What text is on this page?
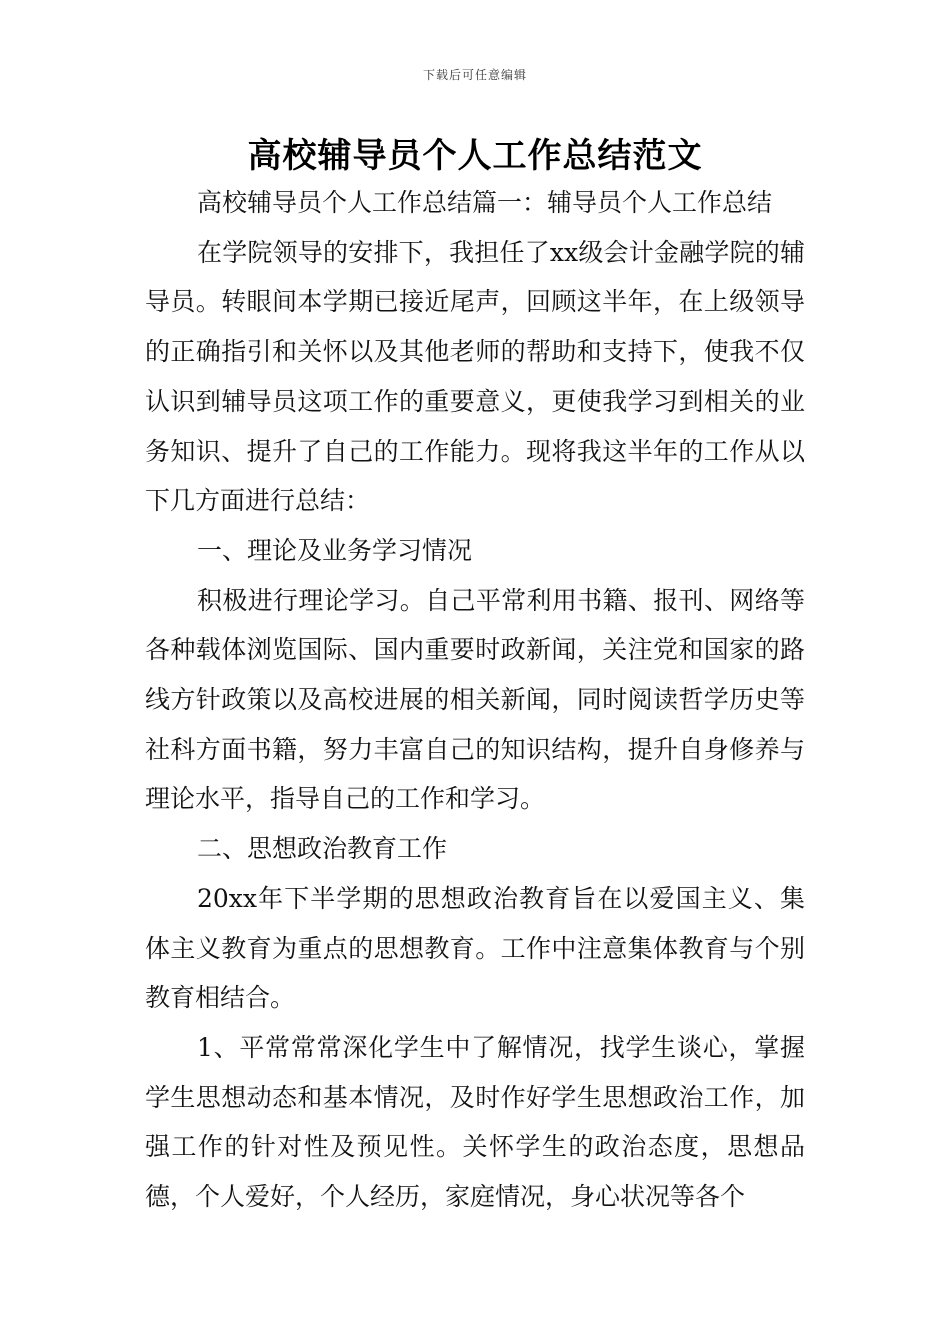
下载后可任意编辑
高校辅导员个人工作总结范文

高校辅导员个人工作总结篇一：辅导员个人工作总结

在学院领导的安排下，我担任了xx级会计金融学院的辅导员。转眼间本学期已接近尾声，回顾这半年，在上级领导的正确指引和关怀以及其他老师的帮助和支持下，使我不仅认识到辅导员这项工作的重要意义，更使我学习到相关的业务知识、提升了自己的工作能力。现将我这半年的工作从以下几方面进行总结：

一、理论及业务学习情况

积极进行理论学习。自己平常利用书籍、报刊、网络等各种载体浏览国际、国内重要时政新闻，关注党和国家的路线方针政策以及高校进展的相关新闻，同时阅读哲学历史等社科方面书籍，努力丰富自己的知识结构，提升自身修养与理论水平，指导自己的工作和学习。

二、思想政治教育工作

20xx年下半学期的思想政治教育旨在以爱国主义、集体主义教育为重点的思想教育。工作中注意集体教育与个别教育相结合。

1、平常常常深化学生中了解情况，找学生谈心，掌握学生思想动态和基本情况，及时作好学生思想政治工作，加强工作的针对性及预见性。关怀学生的政治态度，思想品德，个人爱好，个人经历，家庭情况，身心状况等各个
